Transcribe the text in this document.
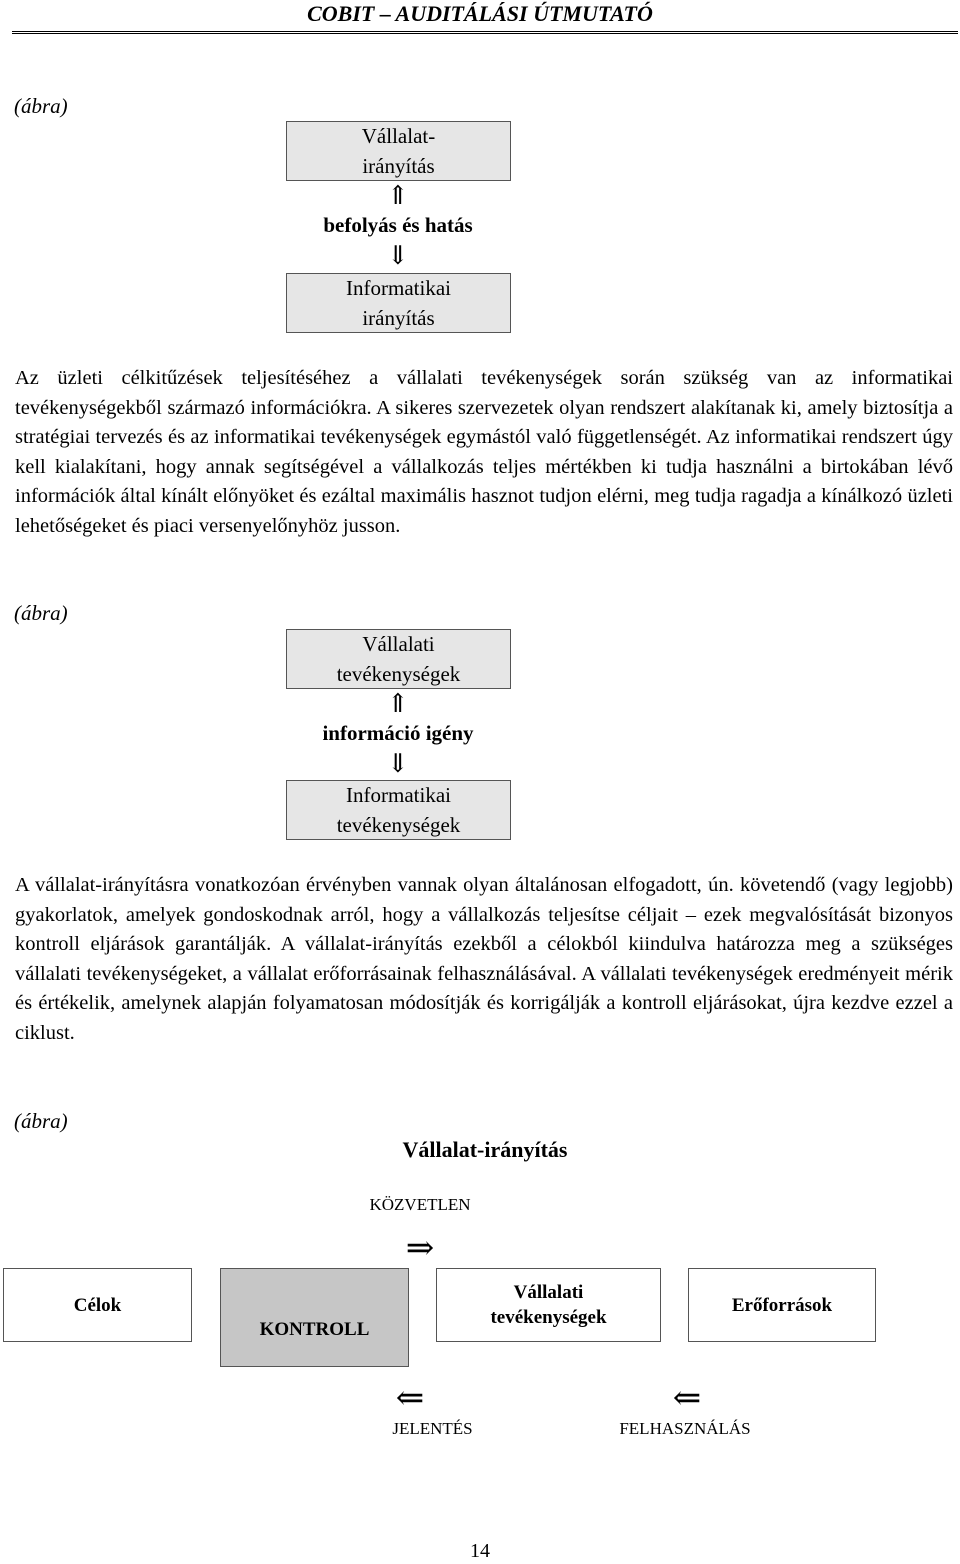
COBIT – AUDITÁLÁSI ÚTMUTATÓ
(ábra)
Vállalat-
irányítás
⇑
befolyás és hatás
⇓
Informatikai
irányítás
Az üzleti célkitűzések teljesítéséhez a vállalati tevékenységek során szükség van az informatikai tevékenységekből származó információkra. A sikeres szervezetek olyan rendszert alakítanak ki, amely biztosítja a stratégiai tervezés és az informatikai tevékenységek egymástól való függetlenségét. Az informatikai rendszert úgy kell kialakítani, hogy annak segítségével a vállalkozás teljes mértékben ki tudja használni a birtokában lévő információk által kínált előnyöket és ezáltal maximális hasznot tudjon elérni, meg tudja ragadja a kínálkozó üzleti lehetőségeket és piaci versenyelőnyhöz jusson.
(ábra)
Vállalati
tevékenységek
⇑
információ igény
⇓
Informatikai
tevékenységek
A vállalat-irányításra vonatkozóan érvényben vannak olyan általánosan elfogadott, ún. követendő (vagy legjobb) gyakorlatok, amelyek gondoskodnak arról, hogy a vállalkozás teljesítse céljait – ezek megvalósítását bizonyos kontroll eljárások garantálják. A vállalat-irányítás ezekből a célokból kiindulva határozza meg a szükséges vállalati tevékenységeket, a vállalat erőforrásainak felhasználásával. A vállalati tevékenységek eredményeit mérik és értékelik, amelynek alapján folyamatosan módosítják és korrigálják a kontroll eljárásokat, újra kezdve ezzel a ciklust.
(ábra)
Vállalat-irányítás
KÖZVETLEN
⇒
Célok
KONTROLL
Vállalati
tevékenységek
Erőforrások
⇐	⇐
JELENTÉS	FELHASZNÁLÁS
14
